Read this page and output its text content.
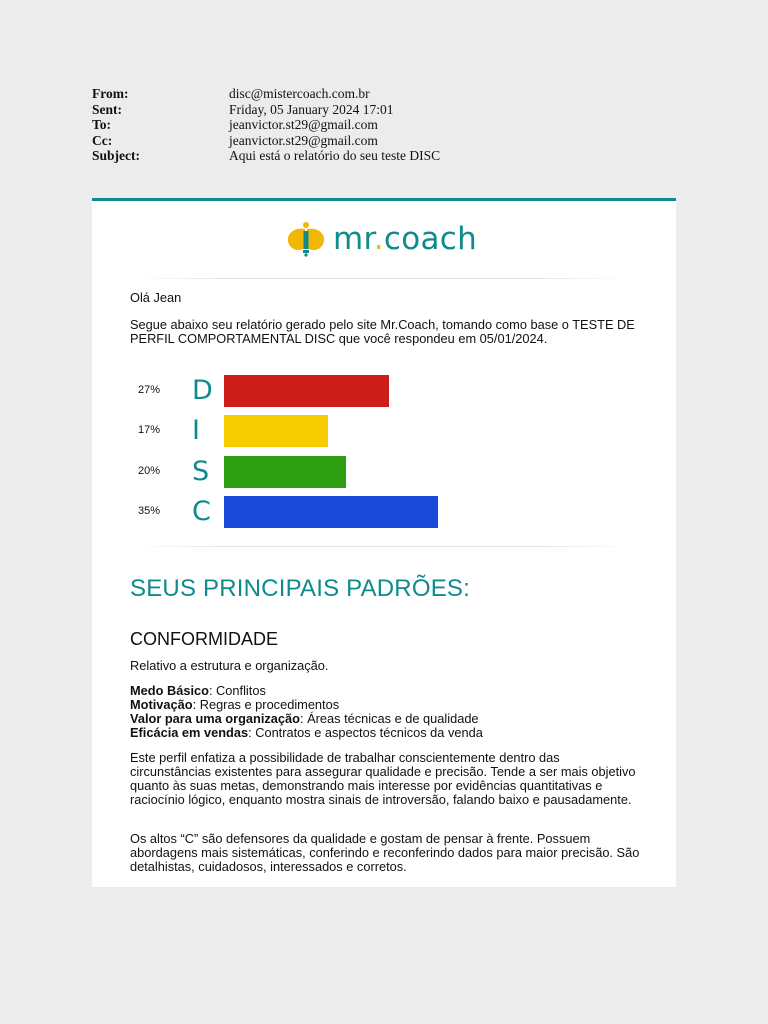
From:	disc@mistercoach.com.br
Sent:	Friday, 05 January 2024 17:01
To:	jeanvictor.st29@gmail.com
Cc:	jeanvictor.st29@gmail.com
Subject:	Aqui está o relatório do seu teste DISC
mr.coach
Olá Jean
Segue abaixo seu relatório gerado pelo site Mr.Coach, tomando como base o TESTE DE PERFIL COMPORTAMENTAL DISC que você respondeu em 05/01/2024.
27% D
17% I
20% S
35% C
SEUS PRINCIPAIS PADRÕES:
CONFORMIDADE
Relativo a estrutura e organização.
Medo Básico: Conflitos
Motivação: Regras e procedimentos
Valor para uma organização: Áreas técnicas e de qualidade
Eficácia em vendas: Contratos e aspectos técnicos da venda
Este perfil enfatiza a possibilidade de trabalhar conscientemente dentro das circunstâncias existentes para assegurar qualidade e precisão. Tende a ser mais objetivo quanto às suas metas, demonstrando mais interesse por evidências quantitativas e raciocínio lógico, enquanto mostra sinais de introversão, falando baixo e pausadamente.
Os altos “C” são defensores da qualidade e gostam de pensar à frente. Possuem abordagens mais sistemáticas, conferindo e reconferindo dados para maior precisão. São detalhistas, cuidadosos, interessados e corretos.
